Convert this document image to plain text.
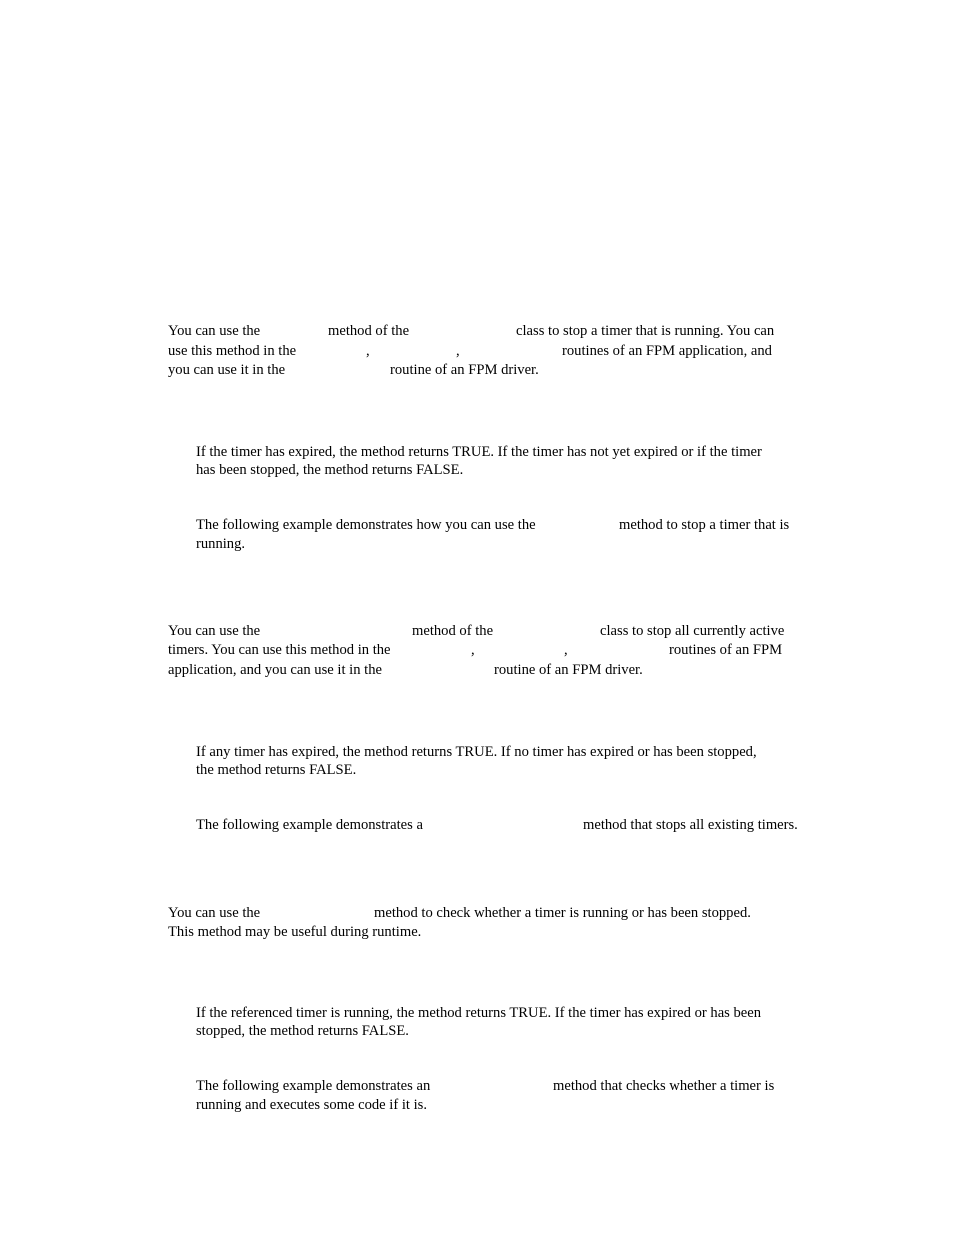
You can use the	method of the	class to stop a timer that is running. You can
use this method in the	,	,	routines of an FPM application, and
you can use it in the	routine of an FPM driver.
If the timer has expired, the method returns TRUE. If the timer has not yet expired or if the timer
has been stopped, the method returns FALSE.
The following example demonstrates how you can use the	method to stop a timer that is
running.
You can use the	method of the	class to stop all currently active
timers. You can use this method in the	,	,	routines of an FPM
application, and you can use it in the	routine of an FPM driver.
If any timer has expired, the method returns TRUE. If no timer has expired or has been stopped,
the method returns FALSE.
The following example demonstrates a	method that stops all existing timers.
You can use the	method to check whether a timer is running or has been stopped.
This method may be useful during runtime.
If the referenced timer is running, the method returns TRUE. If the timer has expired or has been
stopped, the method returns FALSE.
The following example demonstrates an	method that checks whether a timer is
running and executes some code if it is.
